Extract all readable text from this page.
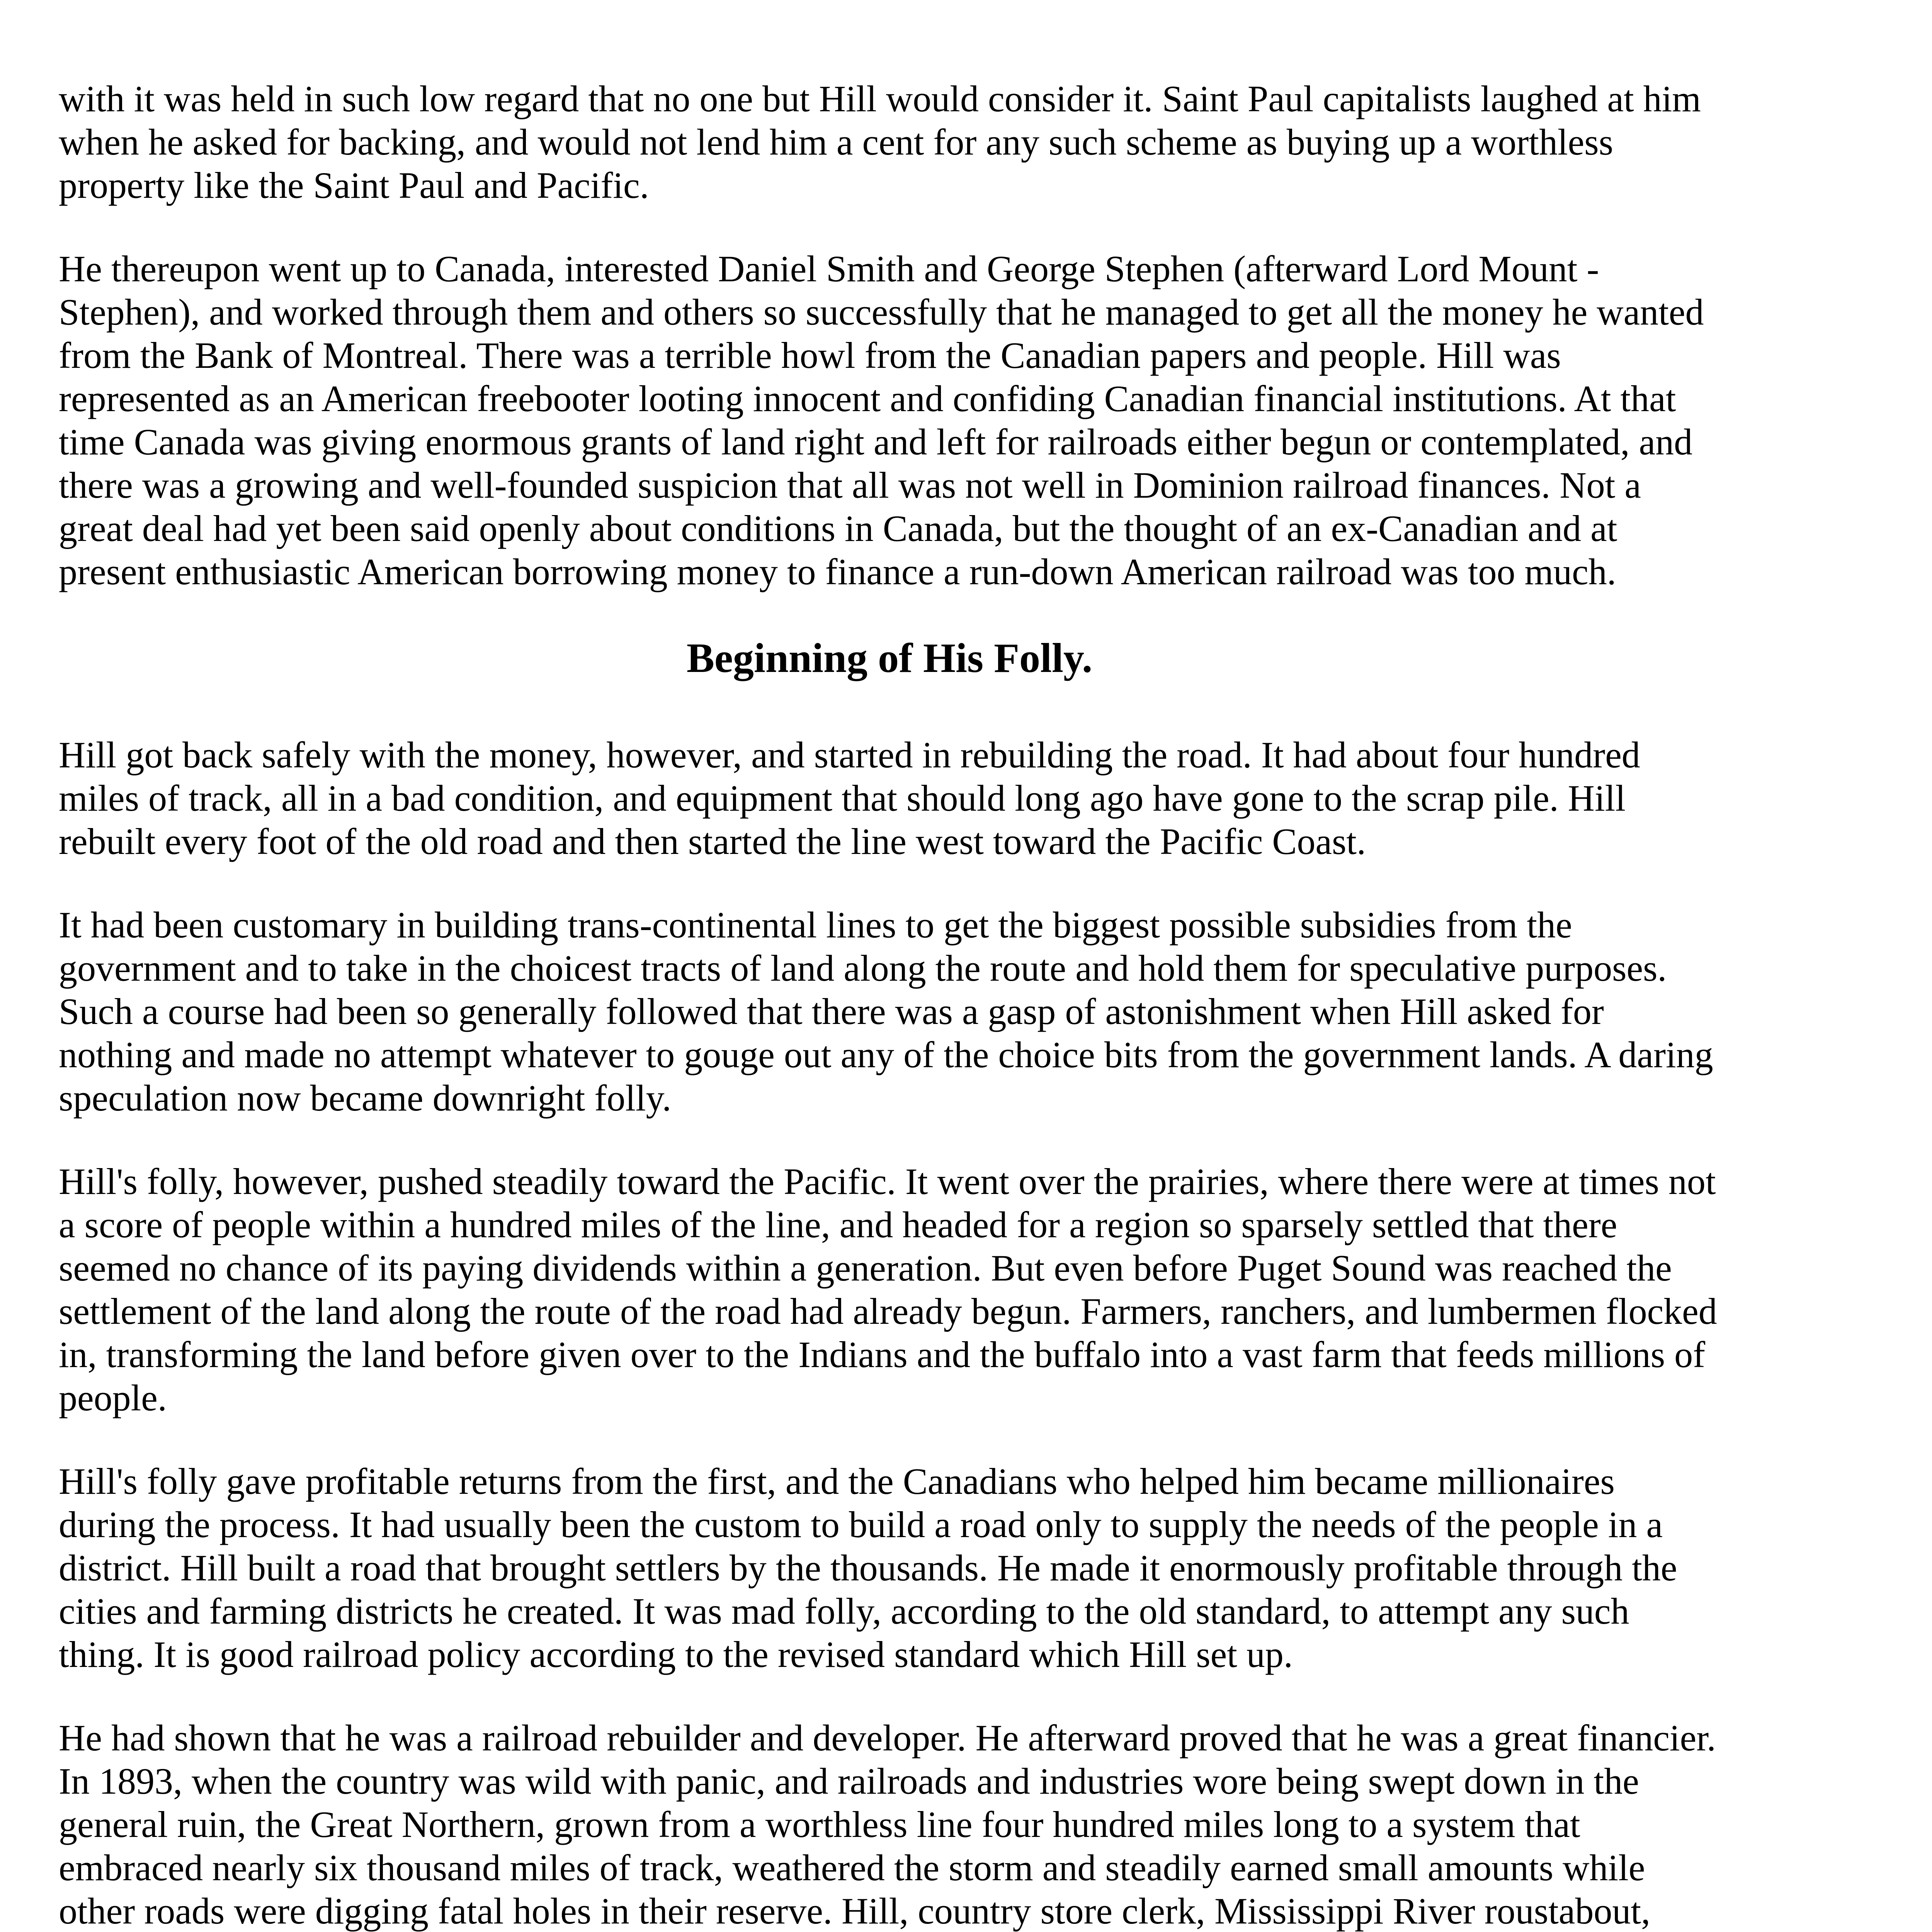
with it was held in such low regard that no one but Hill would consider it. Saint Paul capitalists laughed at him when he asked for backing, and would not lend him a cent for any such scheme as buying up a worthless property like the Saint Paul and Pacific.

He thereupon went up to Canada, interested Daniel Smith and George Stephen (afterward Lord Mount - Stephen), and worked through them and others so successfully that he managed to get all the money he wanted from the Bank of Montreal. There was a terrible howl from the Canadian papers and people. Hill was represented as an American freebooter looting innocent and confiding Canadian financial institutions. At that time Canada was giving enormous grants of land right and left for railroads either begun or contemplated, and there was a growing and well-founded suspicion that all was not well in Dominion railroad finances. Not a great deal had yet been said openly about conditions in Canada, but the thought of an ex-Canadian and at present enthusiastic American borrowing money to finance a run-down American railroad was too much.

Beginning of His Folly.

Hill got back safely with the money, however, and started in rebuilding the road. It had about four hundred miles of track, all in a bad condition, and equipment that should long ago have gone to the scrap pile. Hill rebuilt every foot of the old road and then started the line west toward the Pacific Coast.

It had been customary in building trans-continental lines to get the biggest possible subsidies from the government and to take in the choicest tracts of land along the route and hold them for speculative purposes. Such a course had been so generally followed that there was a gasp of astonishment when Hill asked for nothing and made no attempt whatever to gouge out any of the choice bits from the government lands. A daring speculation now became downright folly.

Hill's folly, however, pushed steadily toward the Pacific. It went over the prairies, where there were at times not a score of people within a hundred miles of the line, and headed for a region so sparsely settled that there seemed no chance of its paying dividends within a generation. But even before Puget Sound was reached the settlement of the land along the route of the road had already begun. Farmers, ranchers, and lumbermen flocked in, transforming the land before given over to the Indians and the buffalo into a vast farm that feeds millions of people.

Hill's folly gave profitable returns from the first, and the Canadians who helped him became millionaires during the process. It had usually been the custom to build a road only to supply the needs of the people in a district. Hill built a road that brought settlers by the thousands. He made it enormously profitable through the cities and farming districts he created. It was mad folly, according to the old standard, to attempt any such thing. It is good railroad policy according to the revised standard which Hill set up.

He had shown that he was a railroad rebuilder and developer. He afterward proved that he was a great financier. In 1893, when the country was wild with panic, and railroads and industries wore being swept down in the general ruin, the Great Northern, grown from a worthless line four hundred miles long to a system that embraced nearly six thousand miles of track, weathered the storm and steadily earned small amounts while other roads were digging fatal holes in their reserve. Hill, country store clerk, Mississippi River roustabout,
